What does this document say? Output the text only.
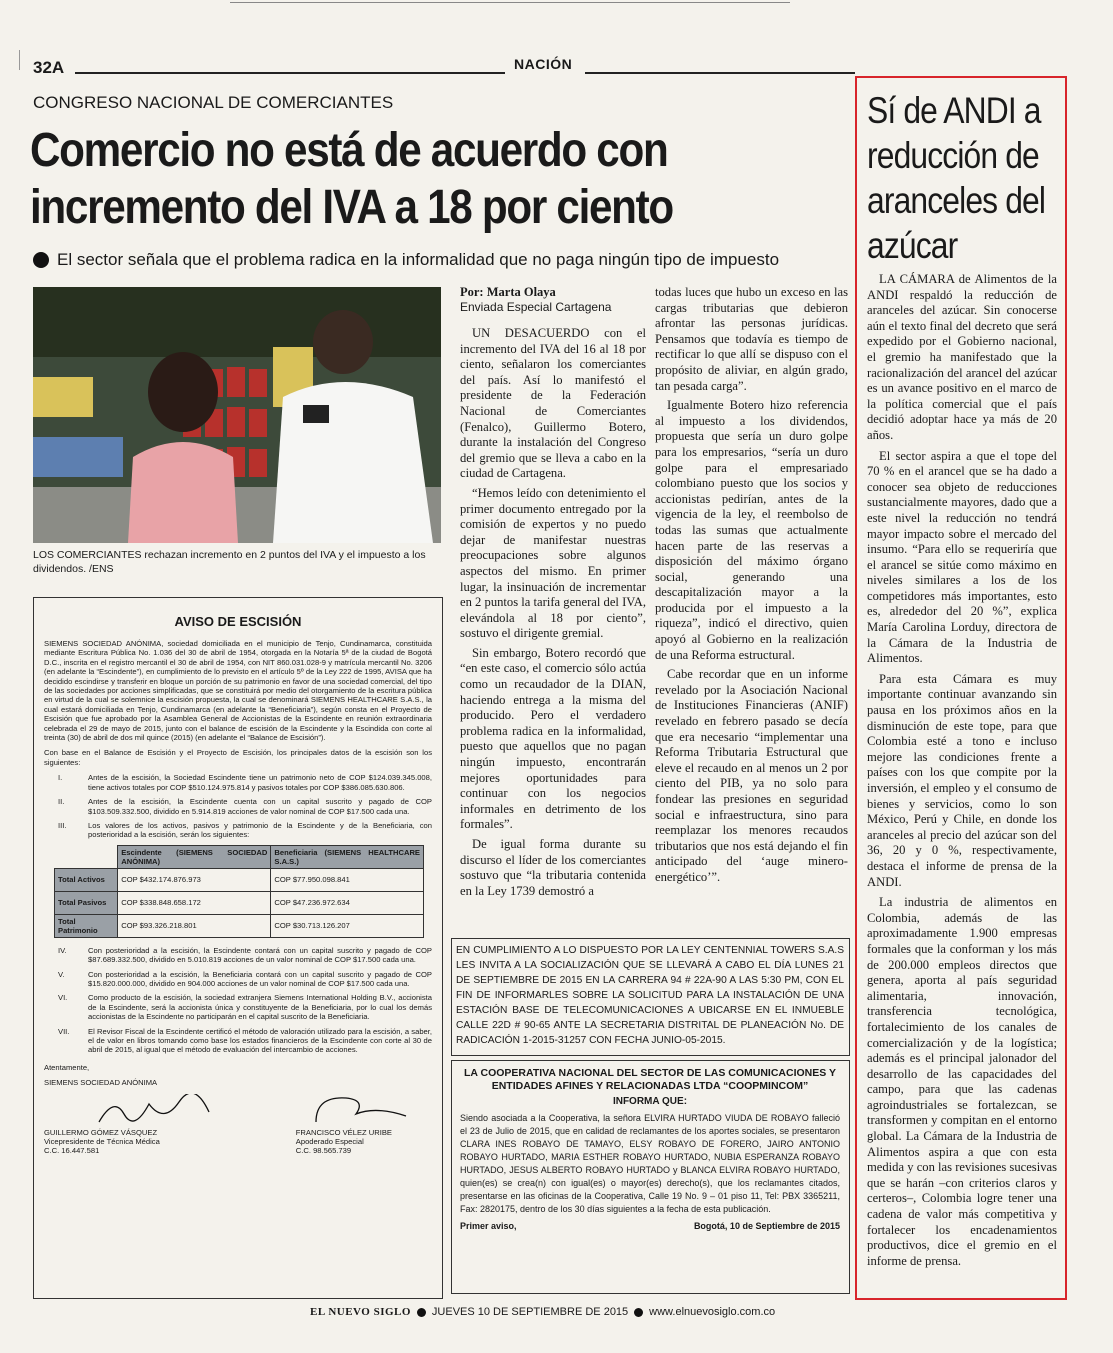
32A	NACIÓN
CONGRESO NACIONAL DE COMERCIANTES
Comercio no está de acuerdo con incremento del IVA a 18 por ciento
El sector señala que el problema radica en la informalidad que no paga ningún tipo de impuesto
LOS COMERCIANTES rechazan incremento en 2 puntos del IVA y el impuesto a los dividendos. /ENS
Por: Marta Olaya
Enviada Especial Cartagena

UN DESACUERDO con el incremento del IVA del 16 al 18 por ciento, señalaron los comerciantes del país. Así lo manifestó el presidente de la Federación Nacional de Comerciantes (Fenalco), Guillermo Botero, durante la instalación del Congreso del gremio que se lleva a cabo en la ciudad de Cartagena.

“Hemos leído con detenimiento el primer documento entregado por la comisión de expertos y no puedo dejar de manifestar nuestras preocupaciones sobre algunos aspectos del mismo. En primer lugar, la insinuación de incrementar en 2 puntos la tarifa general del IVA, elevándola al 18 por ciento”, sostuvo el dirigente gremial.

Sin embargo, Botero recordó que “en este caso, el comercio sólo actúa como un recaudador de la DIAN, haciendo entrega a la misma del producido. Pero el verdadero problema radica en la informalidad, puesto que aquellos que no pagan ningún impuesto, encontrarán mejores oportunidades para continuar con los negocios informales en detrimento de los formales”.

De igual forma durante su discurso el líder de los comerciantes sostuvo que “la tributaria contenida en la Ley 1739 demostró a

todas luces que hubo un exceso en las cargas tributarias que debieron afrontar las personas jurídicas. Pensamos que todavía es tiempo de rectificar lo que allí se dispuso con el propósito de aliviar, en algún grado, tan pesada carga”.

Igualmente Botero hizo referencia al impuesto a los dividendos, propuesta que sería un duro golpe para los empresarios, “sería un duro golpe para el empresariado colombiano puesto que los socios y accionistas pedirían, antes de la vigencia de la ley, el reembolso de todas las sumas que actualmente hacen parte de las reservas a disposición del máximo órgano social, generando una descapitalización mayor a la producida por el impuesto a la riqueza”, indicó el directivo, quien apoyó al Gobierno en la realización de una Reforma estructural.

Cabe recordar que en un informe revelado por la Asociación Nacional de Instituciones Financieras (ANIF) revelado en febrero pasado se decía que era necesario “implementar una Reforma Tributaria Estructural que eleve el recaudo en al menos un 2 por ciento del PIB, ya no solo para fondear las presiones en seguridad social e infraestructura, sino para reemplazar los menores recaudos tributarios que nos está dejando el fin anticipado del ‘auge minero-energético’”.

AVISO DE ESCISIÓN

SIEMENS SOCIEDAD ANÓNIMA, sociedad domiciliada en el municipio de Tenjo, Cundinamarca, constituida mediante Escritura Pública No. 1.036 del 30 de abril de 1954, otorgada en la Notaría 5ª de la ciudad de Bogotá D.C., inscrita en el registro mercantil el 30 de abril de 1954, con NIT 860.031.028-9 y matrícula mercantil No. 3206 (en adelante la “Escindente”), en cumplimiento de lo previsto en el artículo 5º de la Ley 222 de 1995, AVISA que ha decidido escindirse y transferir en bloque un porción de su patrimonio en favor de una sociedad comercial, del tipo de las sociedades por acciones simplificadas, que se constituirá por medio del otorgamiento de la escritura pública en virtud de la cual se solemnice la escisión propuesta, la cual se denominará SIEMENS HEALTHCARE S.A.S., la cual estará domiciliada en Tenjo, Cundinamarca (en adelante la “Beneficiaria”), según consta en el Proyecto de Escisión que fue aprobado por la Asamblea General de Accionistas de la Escindente en reunión extraordinaria celebrada el 29 de mayo de 2015, junto con el balance de escisión de la Escindente y la Escindida con corte al treinta (30) de abril de dos mil quince (2015) (en adelante el “Balance de Escisión”).

Con base en el Balance de Escisión y el Proyecto de Escisión, los principales datos de la escisión son los siguientes:

I.	Antes de la escisión, la Sociedad Escindente tiene un patrimonio neto de COP $124.039.345.008, tiene activos totales por COP $510.124.975.814 y pasivos totales por COP $386.085.630.806.
II.	Antes de la escisión, la Escindente cuenta con un capital suscrito y pagado de COP $103.509.332.500, dividido en 5.914.819 acciones de valor nominal de COP $17.500 cada una.
III.	Los valores de los activos, pasivos y patrimonio de la Escindente y de la Beneficiaria, con posterioridad a la escisión, serán los siguientes:
	Escindente (SIEMENS SOCIEDAD ANÓNIMA)	Beneficiaria (SIEMENS HEALTHCARE S.A.S.)
Total Activos	COP $432.174.876.973	COP $77.950.098.841
Total Pasivos	COP $338.848.658.172	COP $47.236.972.634
Total Patrimonio	COP $93.326.218.801	COP $30.713.126.207
IV.	Con posterioridad a la escisión, la Escindente contará con un capital suscrito y pagado de COP $87.689.332.500, dividido en 5.010.819 acciones de un valor nominal de COP $17.500 cada una.
V.	Con posterioridad a la escisión, la Beneficiaria contará con un capital suscrito y pagado de COP $15.820.000.000, dividido en 904.000 acciones de un valor nominal de COP $17.500 cada una.
VI.	Como producto de la escisión, la sociedad extranjera Siemens International Holding B.V., accionista de la Escindente, será la accionista única y constituyente de la Beneficiaria, por lo cual los demás accionistas de la Escindente no participarán en el capital suscrito de la Beneficiaria.
VII.	El Revisor Fiscal de la Escindente certificó el método de valoración utilizado para la escisión, a saber, el de valor en libros tomando como base los estados financieros de la Escindente con corte al 30 de abril de 2015, al igual que el método de evaluación del intercambio de acciones.

Atentamente,

SIEMENS SOCIEDAD ANÓNIMA

GUILLERMO GÓMEZ VÁSQUEZ
Vicepresidente de Técnica Médica
C.C. 16.447.581
FRANCISCO VÉLEZ URIBE
Apoderado Especial
C.C. 98.565.739
EN CUMPLIMIENTO A LO DISPUESTO POR LA LEY CENTENNIAL TOWERS S.A.S LES INVITA A LA SOCIALIZACIÓN QUE SE LLEVARÁ A CABO EL DÍA LUNES 21 DE SEPTIEMBRE DE 2015 EN LA CARRERA 94 # 22A-90 A LAS 5:30 PM, CON EL FIN DE INFORMARLES SOBRE LA SOLICITUD PARA LA INSTALACIÓN DE UNA ESTACIÓN BASE DE TELECOMUNICACIONES A UBICARSE EN EL INMUEBLE CALLE 22D # 90-65 ANTE LA SECRETARIA DISTRITAL DE PLANEACIÓN No. DE RADICACIÓN 1-2015-31257 CON FECHA JUNIO-05-2015.
LA COOPERATIVA NACIONAL DEL SECTOR DE LAS COMUNICACIONES Y ENTIDADES AFINES Y RELACIONADAS LTDA “COOPMINCOM”
INFORMA QUE:
Siendo asociada a la Cooperativa, la señora ELVIRA HURTADO VIUDA DE ROBAYO falleció el 23 de Julio de 2015, que en calidad de reclamantes de los aportes sociales, se presentaron CLARA INES ROBAYO DE TAMAYO, ELSY ROBAYO DE FORERO, JAIRO ANTONIO ROBAYO HURTADO, MARIA ESTHER ROBAYO HURTADO, NUBIA ESPERANZA ROBAYO HURTADO, JESUS ALBERTO ROBAYO HURTADO y BLANCA ELVIRA ROBAYO HURTADO, quien(es) se crea(n) con igual(es) o mayor(es) derecho(s), que los reclamantes citados, presentarse en las oficinas de la Cooperativa, Calle 19 No. 9 – 01 piso 11, Tel: PBX 3365211, Fax: 2820175, dentro de los 30 días siguientes a la fecha de esta publicación.
Primer aviso,	Bogotá, 10 de Septiembre de 2015
Sí de ANDI a reducción de aranceles del azúcar

LA CÁMARA de Alimentos de la ANDI respaldó la reducción de aranceles del azúcar. Sin conocerse aún el texto final del decreto que será expedido por el Gobierno nacional, el gremio ha manifestado que la racionalización del arancel del azúcar es un avance positivo en el marco de la política comercial que el país decidió adoptar hace ya más de 20 años.

El sector aspira a que el tope del 70 % en el arancel que se ha dado a conocer sea objeto de reducciones sustancialmente mayores, dado que a este nivel la reducción no tendrá mayor impacto sobre el mercado del insumo. “Para ello se requeriría que el arancel se sitúe como máximo en niveles similares a los de los competidores más importantes, esto es, alrededor del 20 %”, explica María Carolina Lorduy, directora de la Cámara de la Industria de Alimentos.

Para esta Cámara es muy importante continuar avanzando sin pausa en los próximos años en la disminución de este tope, para que Colombia esté a tono e incluso mejore las condiciones frente a países con los que compite por la inversión, el empleo y el consumo de bienes y servicios, como lo son México, Perú y Chile, en donde los aranceles al precio del azúcar son del 36, 20 y 0 %, respectivamente, destaca el informe de prensa de la ANDI.

La industria de alimentos en Colombia, además de las aproximadamente 1.900 empresas formales que la conforman y los más de 200.000 empleos directos que genera, aporta al país seguridad alimentaria, innovación, transferencia tecnológica, fortalecimiento de los canales de comercialización y de la logística; además es el principal jalonador del desarrollo de las capacidades del campo, para que las cadenas agroindustriales se fortalezcan, se transformen y compitan en el entorno global. La Cámara de la Industria de Alimentos aspira a que con esta medida y con las revisiones sucesivas que se harán –con criterios claros y certeros–, Colombia logre tener una cadena de valor más competitiva y fortalecer los encadenamientos productivos, dice el gremio en el informe de prensa.

EL NUEVO SIGLO JUEVES 10 DE SEPTIEMBRE DE 2015 www.elnuevosiglo.com.co
